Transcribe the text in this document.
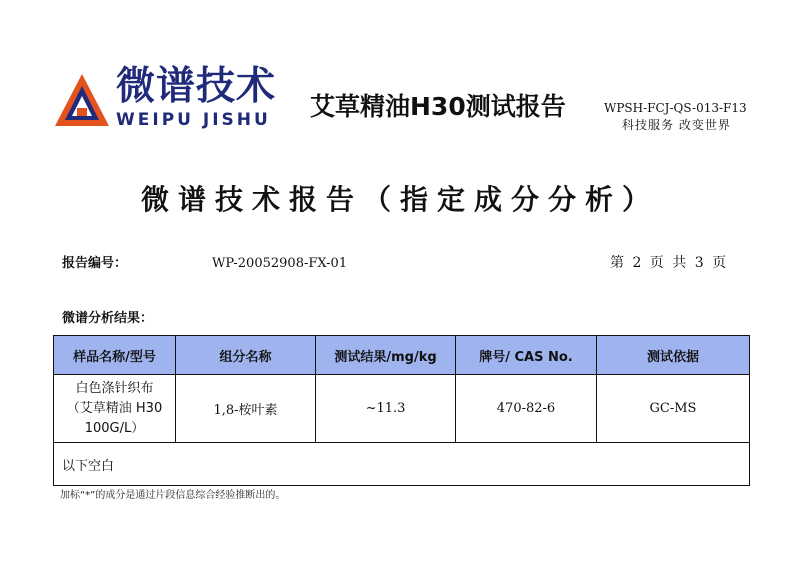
微谱技术
WEIPU JISHU 艾草精油H30测试报告	WPSH-FCJ-QS-013-F13
科技服务 改变世界
微谱技术报告（指定成分分析）
报告编号：	WP-20052908-FX-01	第 2 页 共 3 页
微谱分析结果：
样品名称/型号	组分名称	测试结果/mg/kg	牌号/ CAS No.	测试依据

白色涤针织布
（艾草精油 H30
100G/L）	1,8-桉叶素	~11.3	470-82-6	GC-MS
以下空白				
加标“*”的成分是通过片段信息综合经验推断出的。
